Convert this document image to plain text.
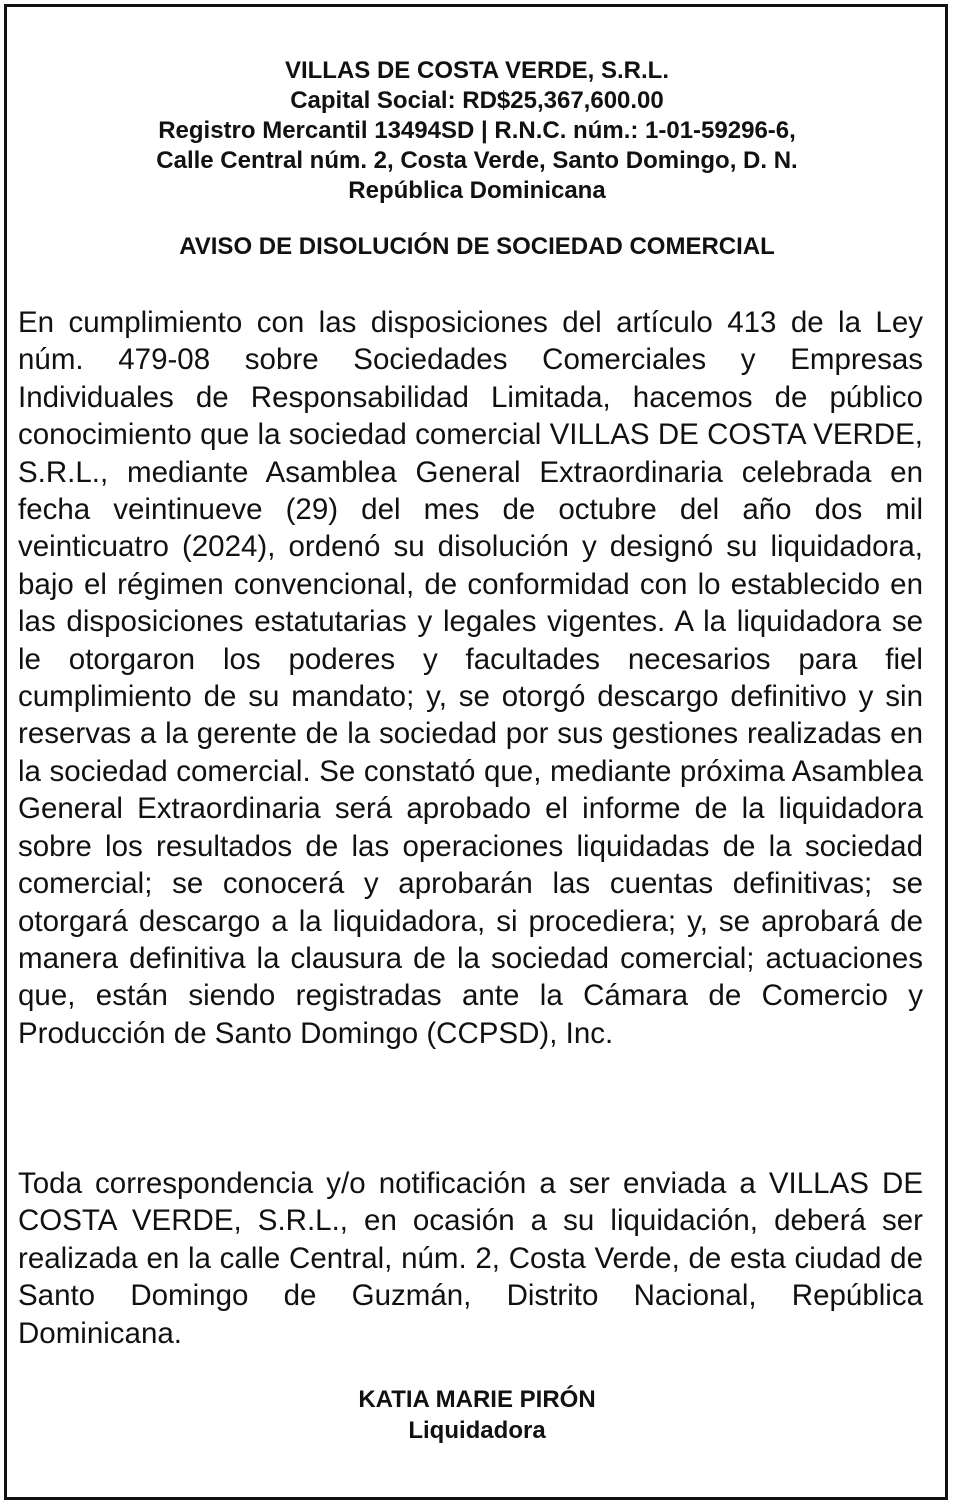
VILLAS DE COSTA VERDE, S.R.L.
Capital Social: RD$25,367,600.00
Registro Mercantil 13494SD | R.N.C. núm.: 1-01-59296-6,
Calle Central núm. 2, Costa Verde, Santo Domingo, D. N.
República Dominicana
AVISO DE DISOLUCIÓN DE SOCIEDAD COMERCIAL

En cumplimiento con las disposiciones del artículo 413 de la Ley núm. 479-08 sobre Sociedades Comerciales y Empresas Individuales de Responsabilidad Limitada, hacemos de público conocimiento que la sociedad comercial VILLAS DE COSTA VERDE, S.R.L., mediante Asamblea General Extraordinaria celebrada en fecha veintinueve (29) del mes de octubre del año dos mil veinticuatro (2024), ordenó su disolución y designó su liquidadora, bajo el régimen convencional, de conformidad con lo establecido en las disposiciones estatutarias y legales vigentes. A la liquidadora se le otorgaron los poderes y facultades necesarios para fiel cumplimiento de su mandato; y, se otorgó descargo definitivo y sin reservas a la gerente de la sociedad por sus gestiones realizadas en la sociedad comercial. Se constató que, mediante próxima Asamblea General Extraordinaria será aprobado el informe de la liquidadora sobre los resultados de las operaciones liquidadas de la sociedad comercial; se conocerá y aprobarán las cuentas definitivas; se otorgará descargo a la liquidadora, si procediera; y, se aprobará de manera definitiva la clausura de la sociedad comercial; actuaciones que, están siendo registradas ante la Cámara de Comercio y Producción de Santo Domingo (CCPSD), Inc.

Toda correspondencia y/o notificación a ser enviada a VILLAS DE COSTA VERDE, S.R.L., en ocasión a su liquidación, deberá ser realizada en la calle Central, núm. 2, Costa Verde, de esta ciudad de Santo Domingo de Guzmán, Distrito Nacional, República Dominicana.

KATIA MARIE PIRÓN
Liquidadora
